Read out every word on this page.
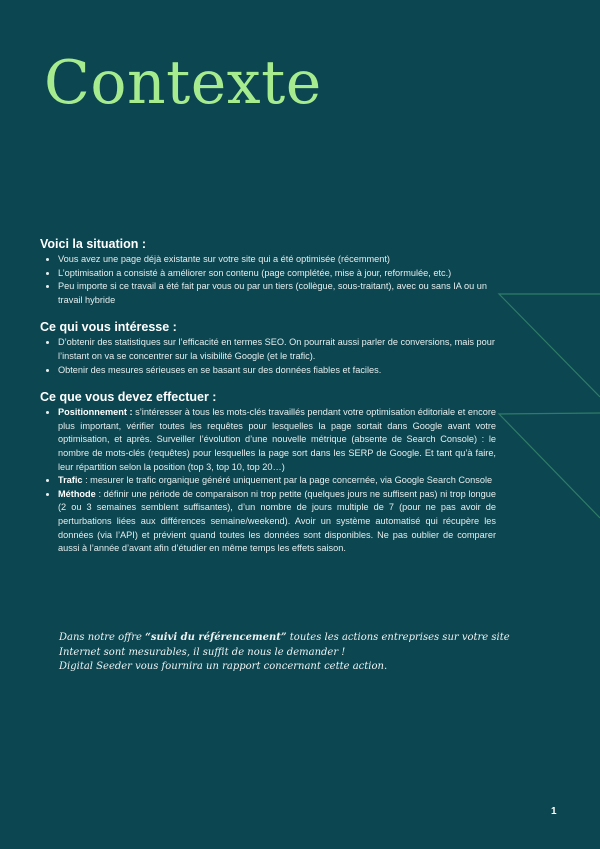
Contexte
Voici la situation :
• Vous avez une page déjà existante sur votre site qui a été optimisée (récemment)
• L’optimisation a consisté à améliorer son contenu (page complétée, mise à jour, reformulée, etc.)
• Peu importe si ce travail a été fait par vous ou par un tiers (collègue, sous-traitant), avec ou sans IA ou un travail hybride
Ce qui vous intéresse :
• D’obtenir des statistiques sur l’efficacité en termes SEO. On pourrait aussi parler de conversions, mais pour l’instant on va se concentrer sur la visibilité Google (et le trafic).
• Obtenir des mesures sérieuses en se basant sur des données fiables et faciles.
Ce que vous devez effectuer :
• Positionnement : s’intéresser à tous les mots-clés travaillés pendant votre optimisation éditoriale et encore plus important, vérifier toutes les requêtes pour lesquelles la page sortait dans Google avant votre optimisation, et après. Surveiller l’évolution d’une nouvelle métrique (absente de Search Console) : le nombre de mots-clés (requêtes) pour lesquelles la page sort dans les SERP de Google. Et tant qu’à faire, leur répartition selon la position (top 3, top 10, top 20…)
• Trafic : mesurer le trafic organique généré uniquement par la page concernée, via Google Search Console
• Méthode : définir une période de comparaison ni trop petite (quelques jours ne suffisent pas) ni trop longue (2 ou 3 semaines semblent suffisantes), d’un nombre de jours multiple de 7 (pour ne pas avoir de perturbations liées aux différences semaine/weekend). Avoir un système automatisé qui récupère les données (via l’API) et prévient quand toutes les données sont disponibles. Ne pas oublier de comparer aussi à l’année d’avant afin d’étudier en même temps les effets saison.
Dans notre offre “suivi du référencement” toutes les actions entreprises sur votre site
Internet sont mesurables, il suffit de nous le demander !
Digital Seeder vous fournira un rapport concernant cette action.
1
